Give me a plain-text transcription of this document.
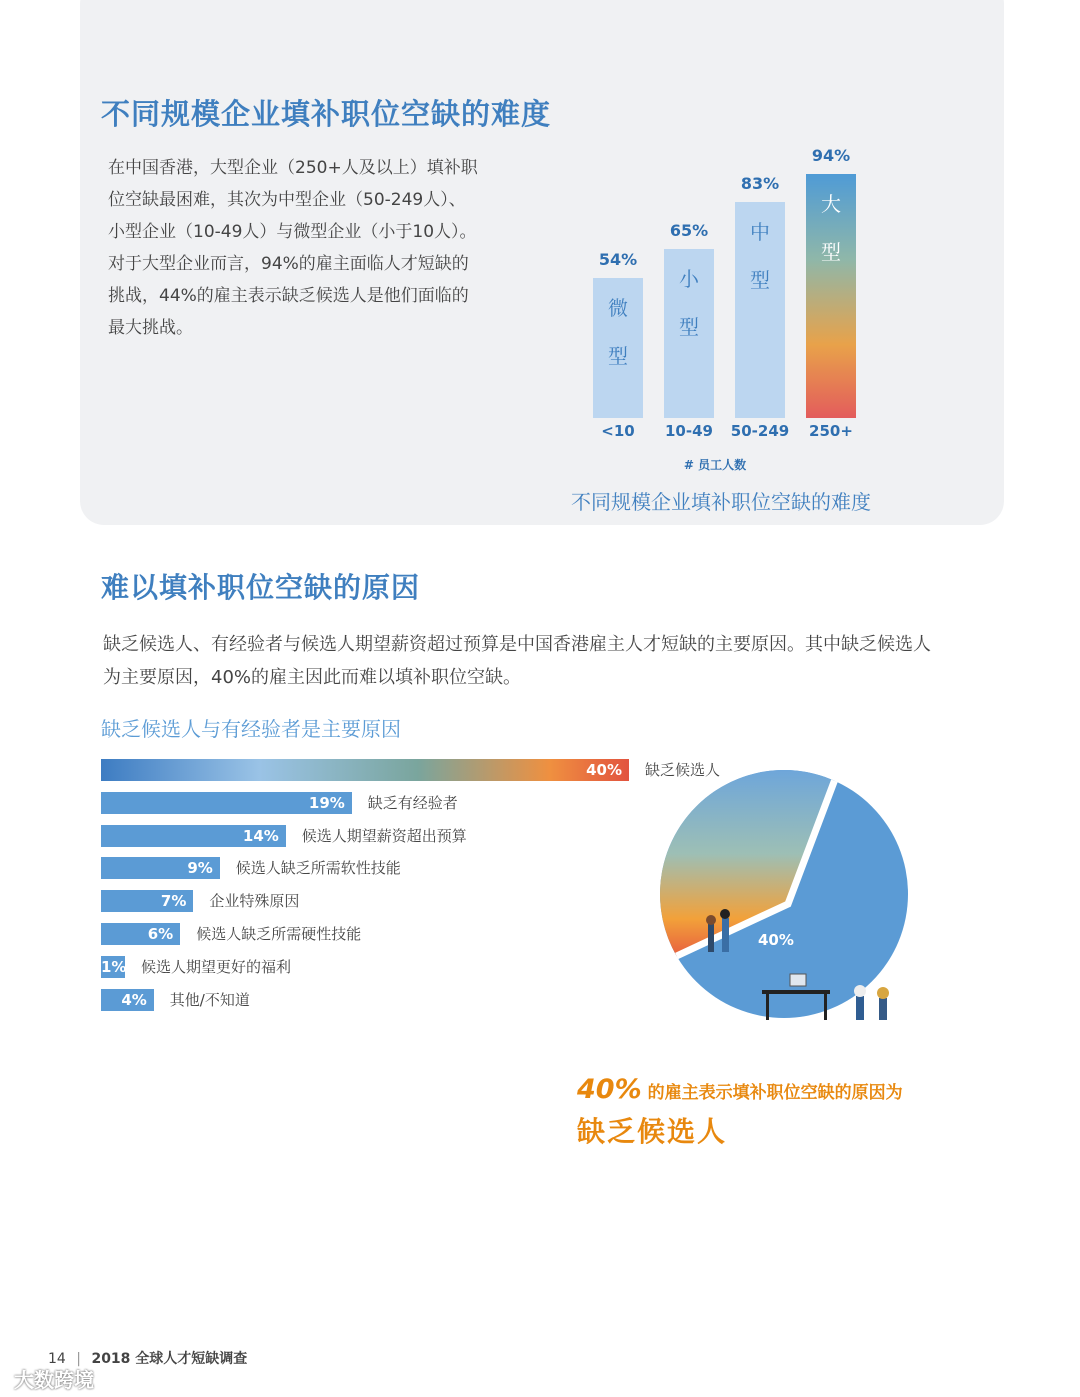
不同规模企业填补职位空缺的难度
在中国香港，大型企业（250+人及以上）填补职
位空缺最困难，其次为中型企业（50-249人）、
小型企业（10-49人）与微型企业（小于10人）。
对于大型企业而言，94%的雇主面临人才短缺的
挑战，44%的雇主表示缺乏候选人是他们面临的
最大挑战。
54%
微
型
<10
65%
小
型
10-49
83%
中
型
50-249
94%
大
型
250+
# 员工人数
不同规模企业填补职位空缺的难度
难以填补职位空缺的原因
缺乏候选人、有经验者与候选人期望薪资超过预算是中国香港雇主人才短缺的主要原因。其中缺乏候选人为主要原因，40%的雇主因此而难以填补职位空缺。
缺乏候选人与有经验者是主要原因
40% 缺乏候选人
19% 缺乏有经验者
14% 候选人期望薪资超出预算
9% 候选人缺乏所需软性技能
7% 企业特殊原因
6% 候选人缺乏所需硬性技能
1% 候选人期望更好的福利
4% 其他/不知道
40%
40% 的雇主表示填补职位空缺的原因为
缺乏候选人
14 | 2018 全球人才短缺调查
大数跨境
